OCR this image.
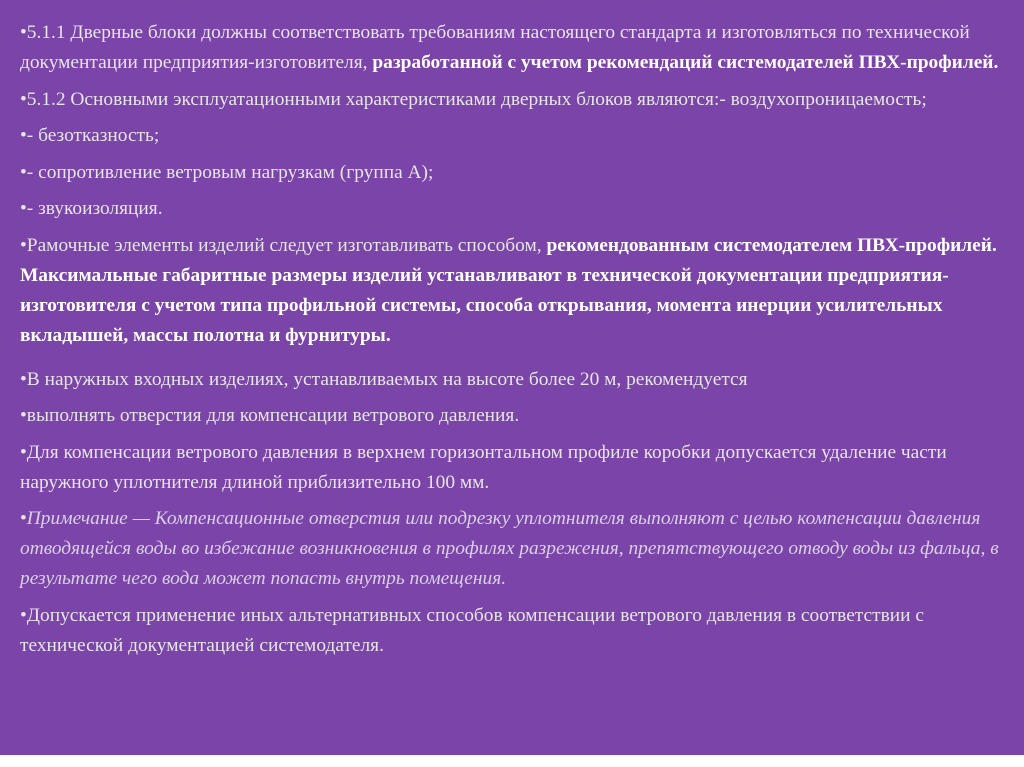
•5.1.1 Дверные блоки должны соответствовать требованиям настоящего стандарта и изготовляться по технической документации предприятия-изготовителя, разработанной с учетом рекомендаций системодателей ПВХ-профилей.

•5.1.2 Основными эксплуатационными характеристиками дверных блоков являются:- воздухопроницаемость;

•- безотказность;

•- сопротивление ветровым нагрузкам (группа А);

•- звукоизоляция.

•Рамочные элементы изделий следует изготавливать способом, рекомендованным системодателем ПВХ-профилей. Максимальные габаритные размеры изделий устанавливают в технической документации предприятия-изготовителя с учетом типа профильной системы, способа открывания, момента инерции усилительных вкладышей, массы полотна и фурнитуры.

•В наружных входных изделиях, устанавливаемых на высоте более 20 м, рекомендуется

•выполнять отверстия для компенсации ветрового давления.

•Для компенсации ветрового давления в верхнем горизонтальном профиле коробки допускается удаление части наружного уплотнителя длиной приблизительно 100 мм.

•Примечание — Компенсационные отверстия или подрезку уплотнителя выполняют с целью компенсации давления отводящейся воды во избежание возникновения в профилях разрежения, препятствующего отводу воды из фальца, в результате чего вода может попасть внутрь помещения.

•Допускается применение иных альтернативных способов компенсации ветрового давления в соответствии с технической документацией системодателя.
